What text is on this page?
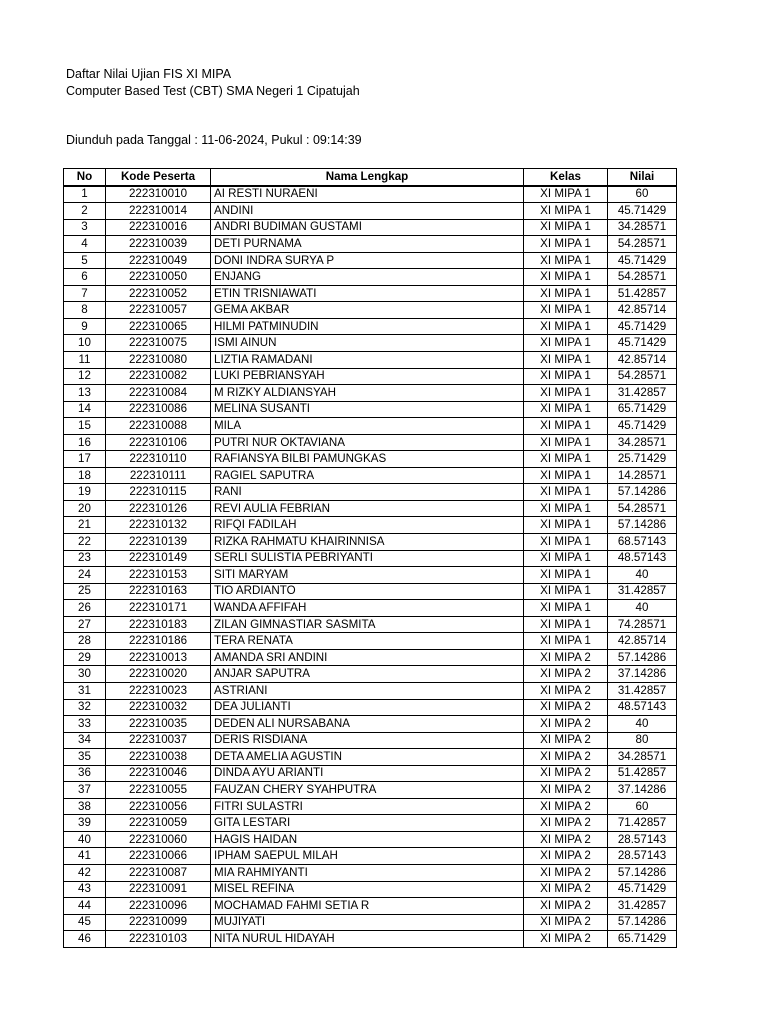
Daftar Nilai Ujian FIS XI MIPA
Computer Based Test (CBT) SMA Negeri 1 Cipatujah
Diunduh pada Tanggal : 11-06-2024, Pukul : 09:14:39
No	Kode Peserta	Nama Lengkap	Kelas	Nilai
1	222310010	AI RESTI NURAENI	XI MIPA 1	60
2	222310014	ANDINI	XI MIPA 1	45.71429
3	222310016	ANDRI BUDIMAN GUSTAMI	XI MIPA 1	34.28571
4	222310039	DETI PURNAMA	XI MIPA 1	54.28571
5	222310049	DONI INDRA SURYA P	XI MIPA 1	45.71429
6	222310050	ENJANG	XI MIPA 1	54.28571
7	222310052	ETIN TRISNIAWATI	XI MIPA 1	51.42857
8	222310057	GEMA AKBAR	XI MIPA 1	42.85714
9	222310065	HILMI PATMINUDIN	XI MIPA 1	45.71429
10	222310075	ISMI AINUN	XI MIPA 1	45.71429
11	222310080	LIZTIA RAMADANI	XI MIPA 1	42.85714
12	222310082	LUKI PEBRIANSYAH	XI MIPA 1	54.28571
13	222310084	M RIZKY ALDIANSYAH	XI MIPA 1	31.42857
14	222310086	MELINA SUSANTI	XI MIPA 1	65.71429
15	222310088	MILA	XI MIPA 1	45.71429
16	222310106	PUTRI NUR OKTAVIANA	XI MIPA 1	34.28571
17	222310110	RAFIANSYA BILBI PAMUNGKAS	XI MIPA 1	25.71429
18	222310111	RAGIEL SAPUTRA	XI MIPA 1	14.28571
19	222310115	RANI	XI MIPA 1	57.14286
20	222310126	REVI AULIA FEBRIAN	XI MIPA 1	54.28571
21	222310132	RIFQI FADILAH	XI MIPA 1	57.14286
22	222310139	RIZKA RAHMATU KHAIRINNISA	XI MIPA 1	68.57143
23	222310149	SERLI SULISTIA PEBRIYANTI	XI MIPA 1	48.57143
24	222310153	SITI MARYAM	XI MIPA 1	40
25	222310163	TIO ARDIANTO	XI MIPA 1	31.42857
26	222310171	WANDA AFFIFAH	XI MIPA 1	40
27	222310183	ZILAN GIMNASTIAR SASMITA	XI MIPA 1	74.28571
28	222310186	TERA RENATA	XI MIPA 1	42.85714
29	222310013	AMANDA SRI ANDINI	XI MIPA 2	57.14286
30	222310020	ANJAR SAPUTRA	XI MIPA 2	37.14286
31	222310023	ASTRIANI	XI MIPA 2	31.42857
32	222310032	DEA JULIANTI	XI MIPA 2	48.57143
33	222310035	DEDEN ALI NURSABANA	XI MIPA 2	40
34	222310037	DERIS RISDIANA	XI MIPA 2	80
35	222310038	DETA AMELIA AGUSTIN	XI MIPA 2	34.28571
36	222310046	DINDA AYU ARIANTI	XI MIPA 2	51.42857
37	222310055	FAUZAN CHERY SYAHPUTRA	XI MIPA 2	37.14286
38	222310056	FITRI SULASTRI	XI MIPA 2	60
39	222310059	GITA LESTARI	XI MIPA 2	71.42857
40	222310060	HAGIS HAIDAN	XI MIPA 2	28.57143
41	222310066	IPHAM SAEPUL MILAH	XI MIPA 2	28.57143
42	222310087	MIA RAHMIYANTI	XI MIPA 2	57.14286
43	222310091	MISEL REFINA	XI MIPA 2	45.71429
44	222310096	MOCHAMAD FAHMI SETIA R	XI MIPA 2	31.42857
45	222310099	MUJIYATI	XI MIPA 2	57.14286
46	222310103	NITA NURUL HIDAYAH	XI MIPA 2	65.71429
